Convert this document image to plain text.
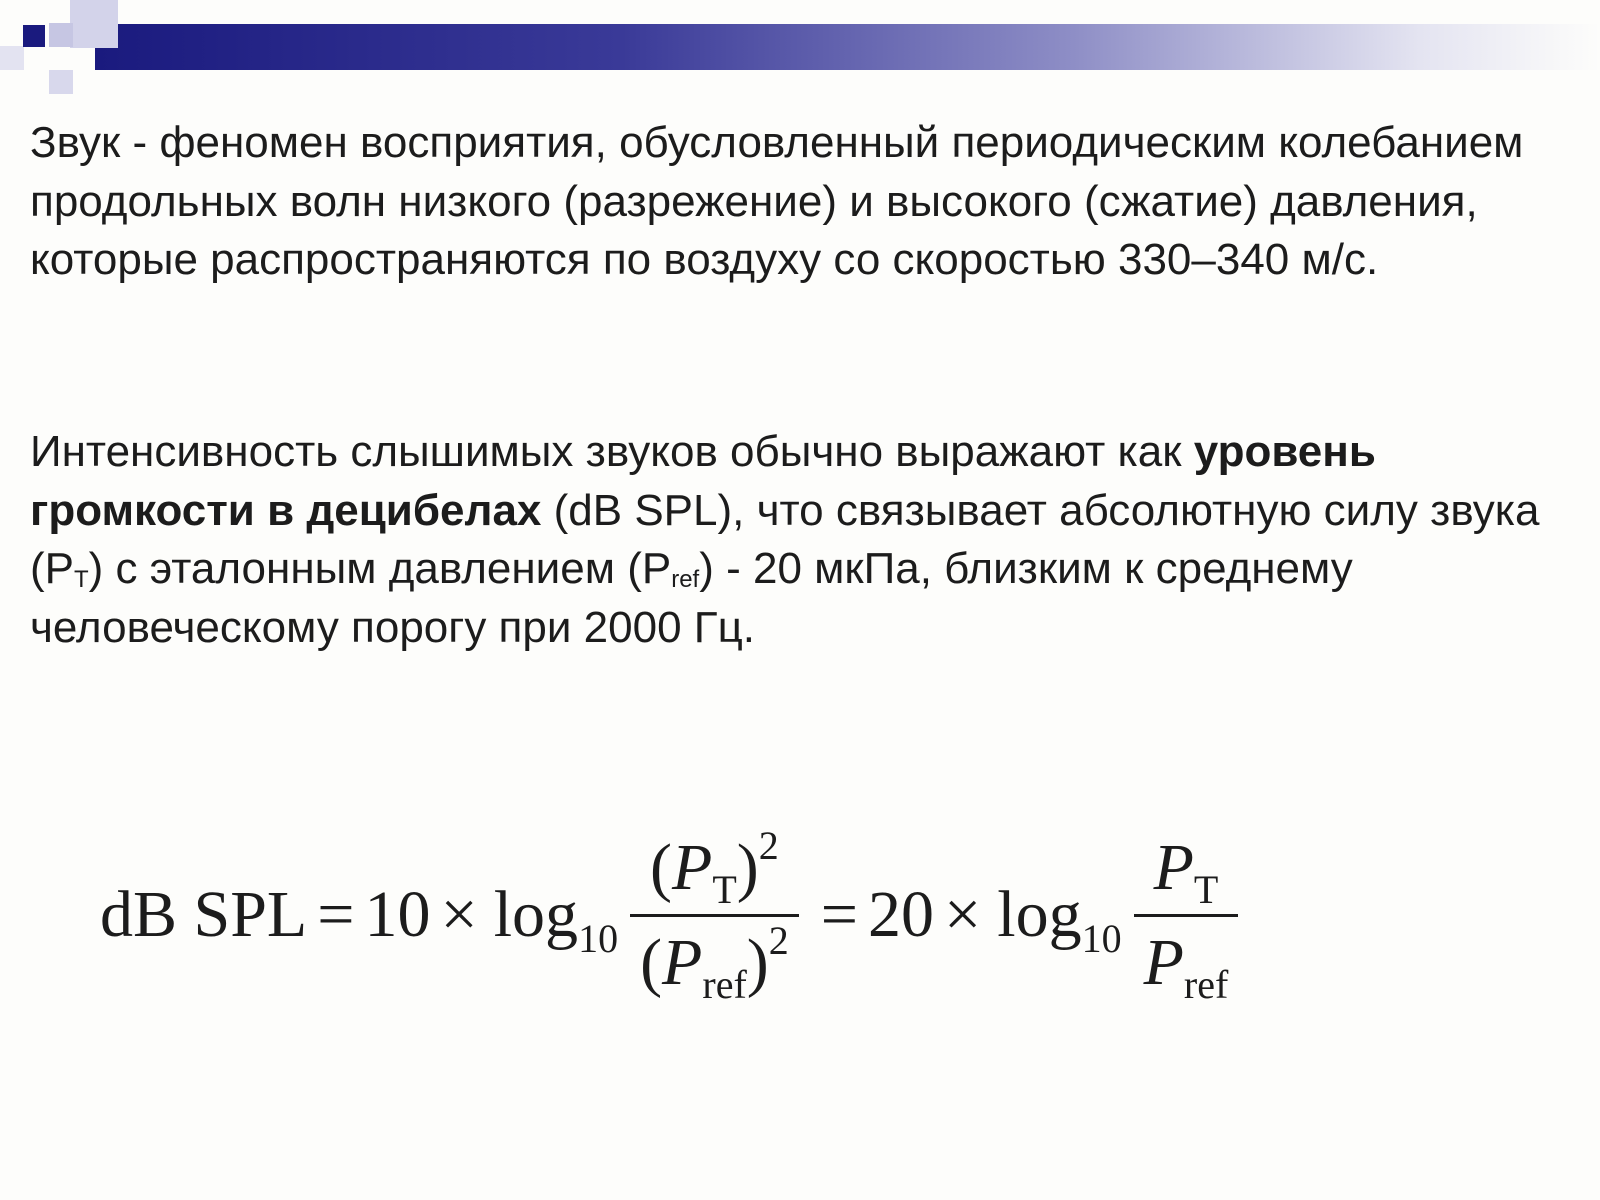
Звук - феномен восприятия, обусловленный периодическим колебанием продольных волн низкого (разрежение) и высокого (сжатие) давления, которые распространяются по воздуху со скоростью 330–340 м/с.

Интенсивность слышимых звуков обычно выражают как уровень громкости в децибелах (dB SPL), что связывает абсолютную силу звука $(P_T)$ с эталонным давлением $(P_{ref}) - 20$ мкПа, близким к среднему человеческому порогу при 2000 Гц.

dB SPL = $10 \times \log_{10} \frac{(P_T)^2}{(P_{ref})^2} = 20 \times \log_{10} \frac{P_T}{P_{ref}}$
